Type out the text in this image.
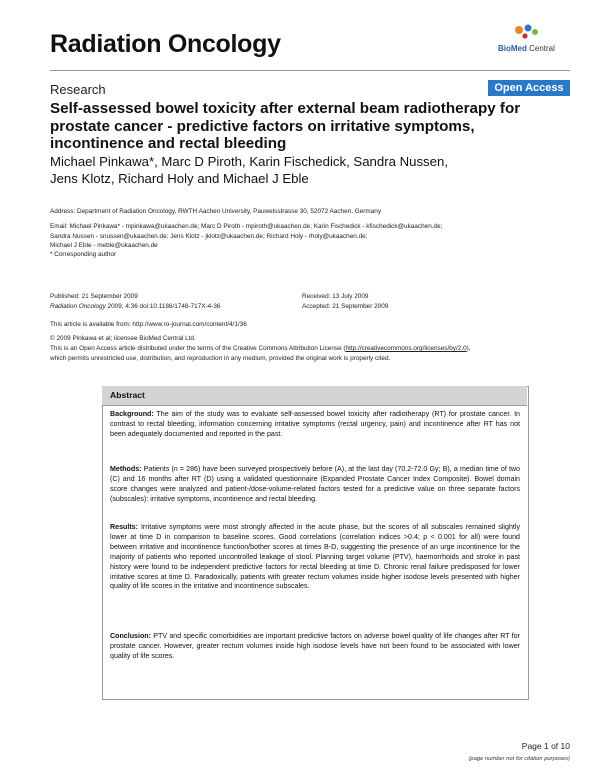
Radiation Oncology	BioMed Central
Research	Open Access
Self-assessed bowel toxicity after external beam radiotherapy for prostate cancer - predictive factors on irritative symptoms, incontinence and rectal bleeding
Michael Pinkawa*, Marc D Piroth, Karin Fischedick, Sandra Nussen,
Jens Klotz, Richard Holy and Michael J Eble
Address: Department of Radiation Oncology, RWTH Aachen University, Pauwelsstrasse 30, 52072 Aachen, Germany
Email: Michael Pinkawa* - mpinkawa@ukaachen.de; Marc D Piroth - mpiroth@ukaachen.de; Karin Fischedick - kfischedick@ukaachen.de;
Sandra Nussen - snussen@ukaachen.de; Jens Klotz - jklotz@ukaachen.de; Richard Holy - rholy@ukaachen.de;
Michael J Eble - meble@ukaachen.de
* Corresponding author
Published: 21 September 2009
Radiation Oncology 2009, 4:36 doi:10.1186/1748-717X-4-36
Received: 13 July 2009
Accepted: 21 September 2009
This article is available from: http://www.ro-journal.com/content/4/1/36
© 2009 Pinkawa et al; licensee BioMed Central Ltd.
This is an Open Access article distributed under the terms of the Creative Commons Attribution License (http://creativecommons.org/licenses/by/2.0),
which permits unrestricted use, distribution, and reproduction in any medium, provided the original work is properly cited.
Abstract
Background: The aim of the study was to evaluate self-assessed bowel toxicity after radiotherapy (RT) for prostate cancer. In contrast to rectal bleeding, information concerning irritative symptoms (rectal urgency, pain) and incontinence after RT has not been adequately documented and reported in the past.
Methods: Patients (n = 286) have been surveyed prospectively before (A), at the last day (70.2-72.0 Gy; B), a median time of two (C) and 16 months after RT (D) using a validated questionnaire (Expanded Prostate Cancer Index Composite). Bowel domain score changes were analyzed and patient-/dose-volume-related factors tested for a predictive value on three separate factors (subscales): irritative symptoms, incontinence and rectal bleeding.
Results: Irritative symptoms were most strongly affected in the acute phase, but the scores of all subscales remained slightly lower at time D in comparison to baseline scores. Good correlations (correlation indices >0.4; p < 0.001 for all) were found between irritative and incontinence function/bother scores at times B-D, suggesting the presence of an urge incontinence for the majority of patients who reported uncontrolled leakage of stool. Planning target volume (PTV), haemorrhoids and stroke in past history were found to be independent predictive factors for rectal bleeding at time D. Chronic renal failure predisposed for lower irritative scores at time D. Paradoxically, patients with greater rectum volumes inside higher isodose levels presented with higher quality of life scores in the irritative and incontinence subscales.
Conclusion: PTV and specific comorbidities are important predictive factors on adverse bowel quality of life changes after RT for prostate cancer. However, greater rectum volumes inside high isodose levels have not been found to be associated with lower quality of life scores.
Page 1 of 10
(page number not for citation purposes)
